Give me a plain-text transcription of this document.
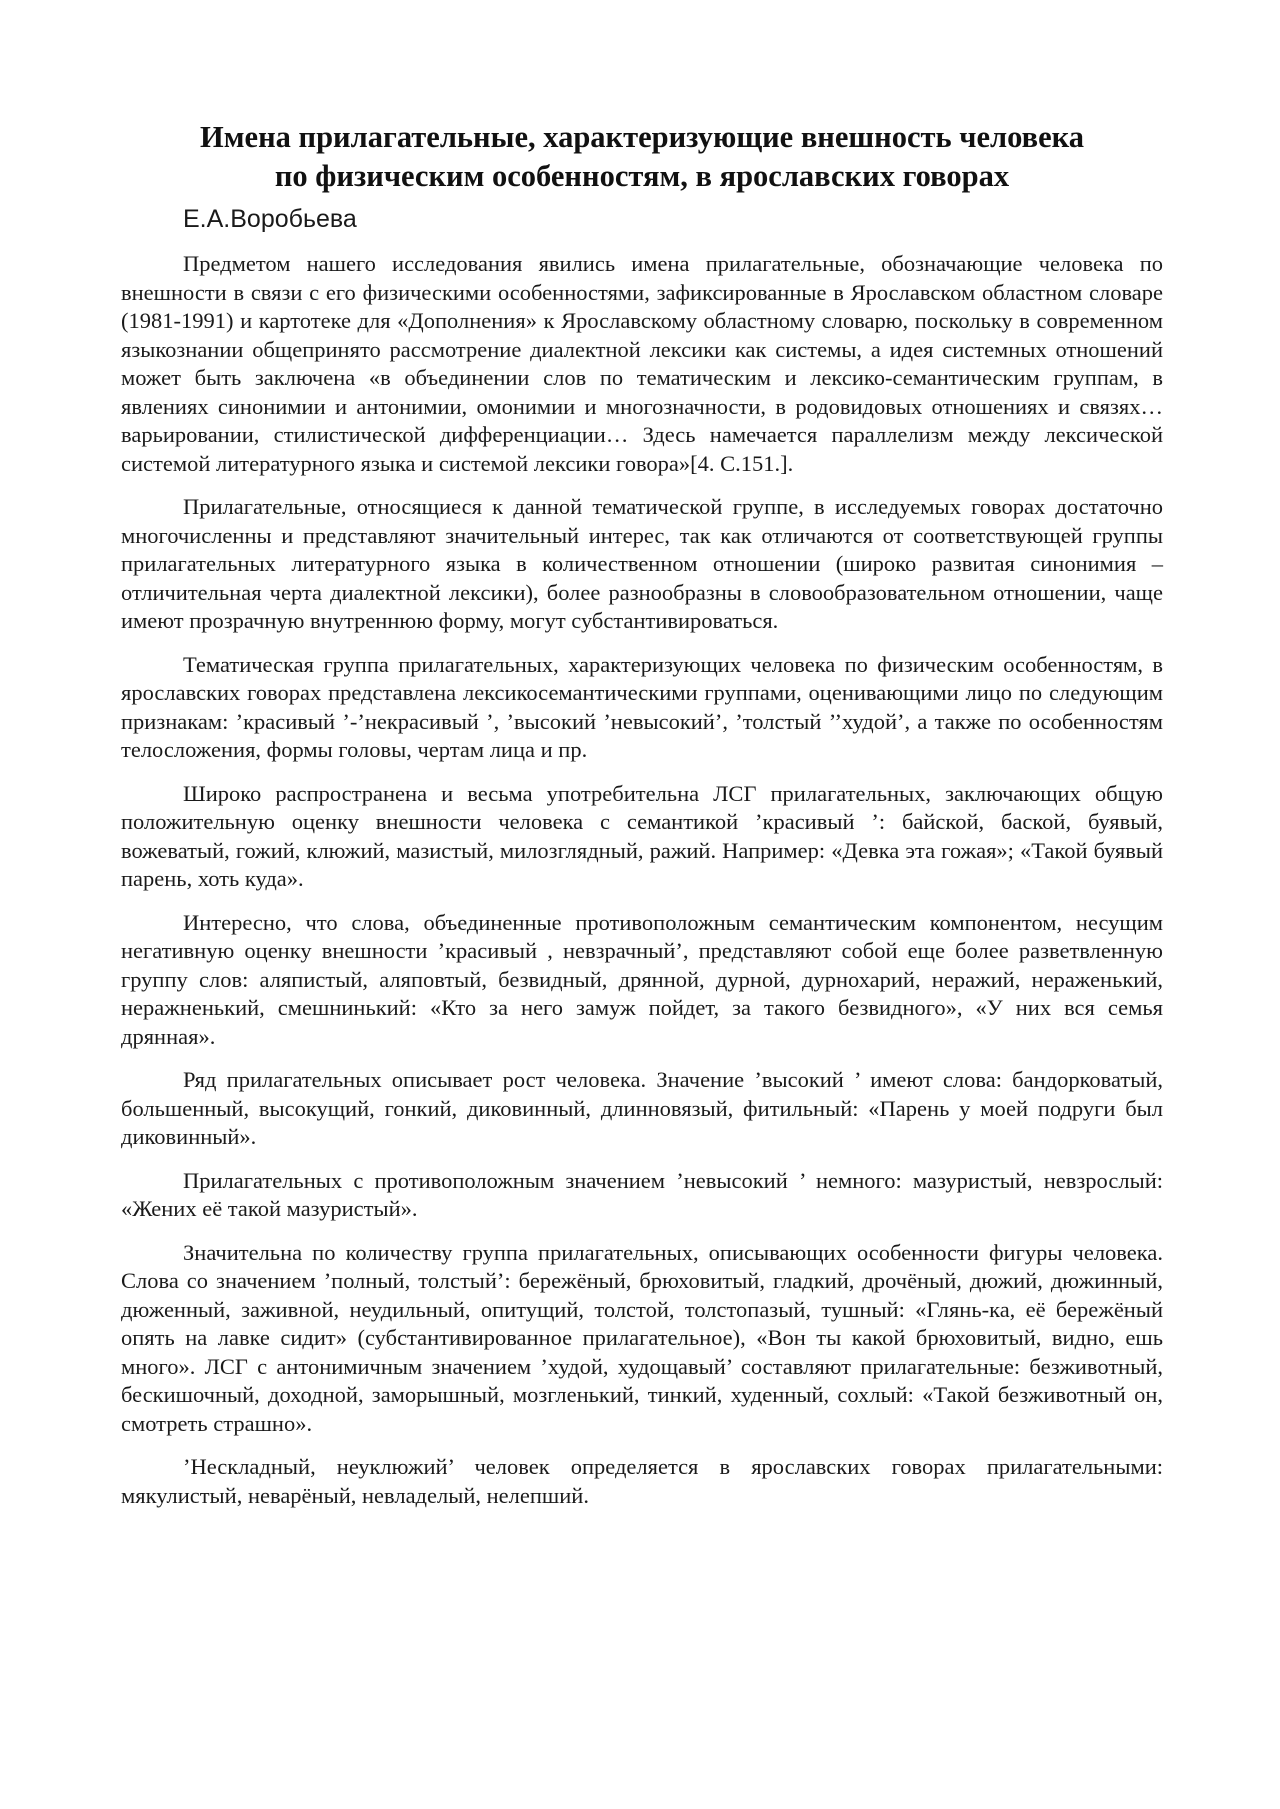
Имена прилагательные, характеризующие внешность человека
по физическим особенностям, в ярославских говорах
Е.А.Воробьева

Предметом нашего исследования явились имена прилагательные, обозначающие человека по внешности в связи с его физическими особенностями, зафиксированные в Ярославском областном словаре (1981-1991) и картотеке для «Дополнения» к Ярославскому областному словарю, поскольку в современном языкознании общепринято рассмотрение диалектной лексики как системы, а идея системных отношений может быть заключена «в объединении слов по тематическим и лексико-семантическим группам, в явлениях синонимии и антонимии, омонимии и многозначности, в родовидовых отношениях и связях… варьировании, стилистической дифференциации… Здесь намечается параллелизм между лексической системой литературного языка и системой лексики говора»[4. С.151.].

Прилагательные, относящиеся к данной тематической группе, в исследуемых говорах достаточно многочисленны и представляют значительный интерес, так как отличаются от соответствующей группы прилагательных литературного языка в количественном отношении (широко развитая синонимия – отличительная черта диалектной лексики), более разнообразны в словообразовательном отношении, чаще имеют прозрачную внутреннюю форму, могут субстантивироваться.

Тематическая группа прилагательных, характеризующих человека по физическим особенностям, в ярославских говорах представлена лексикосемантическими группами, оценивающими лицо по следующим признакам: ’красивый ’-’некрасивый ’, ’высокий ’невысокий’, ’толстый ’’худой’, а также по особенностям телосложения, формы головы, чертам лица и пр.

Широко распространена и весьма употребительна ЛСГ прилагательных, заключающих общую положительную оценку внешности человека с семантикой ’красивый ’: байской, баской, буявый, вожеватый, гожий, клюжий, мазистый, милозглядный, ражий. Например: «Девка эта гожая»; «Такой буявый парень, хоть куда».

Интересно, что слова, объединенные противоположным семантическим компонентом, несущим негативную оценку внешности ’красивый , невзрачный’, представляют собой еще более разветвленную группу слов: аляпистый, аляповтый, безвидный, дрянной, дурной, дурнохарий, неражий, нераженький, неражненький, смешнинький: «Кто за него замуж пойдет, за такого безвидного», «У них вся семья дрянная».

Ряд прилагательных описывает рост человека. Значение ’высокий ’ имеют слова: бандорковатый, большенный, высокущий, гонкий, диковинный, длинновязый, фитильный: «Парень у моей подруги был диковинный».

Прилагательных с противоположным значением ’невысокий ’ немного: мазуристый, невзрослый: «Жених её такой мазуристый».

Значительна по количеству группа прилагательных, описывающих особенности фигуры человека. Слова со значением ’полный, толстый’: бережёный, брюховитый, гладкий, дрочёный, дюжий, дюжинный, дюженный, заживной, неудильный, опитущий, толстой, толстопазый, тушный: «Глянь-ка, её бережёный опять на лавке сидит» (субстантивированное прилагательное), «Вон ты какой брюховитый, видно, ешь много». ЛСГ с антонимичным значением ’худой, худощавый’ составляют прилагательные: безживотный, бескишочный, доходной, заморышный, мозгленький, тинкий, худенный, сохлый: «Такой безживотный он, смотреть страшно».

’Нескладный, неуклюжий’ человек определяется в ярославских говорах прилагательными: мякулистый, неварёный, невладелый, нелепший.
